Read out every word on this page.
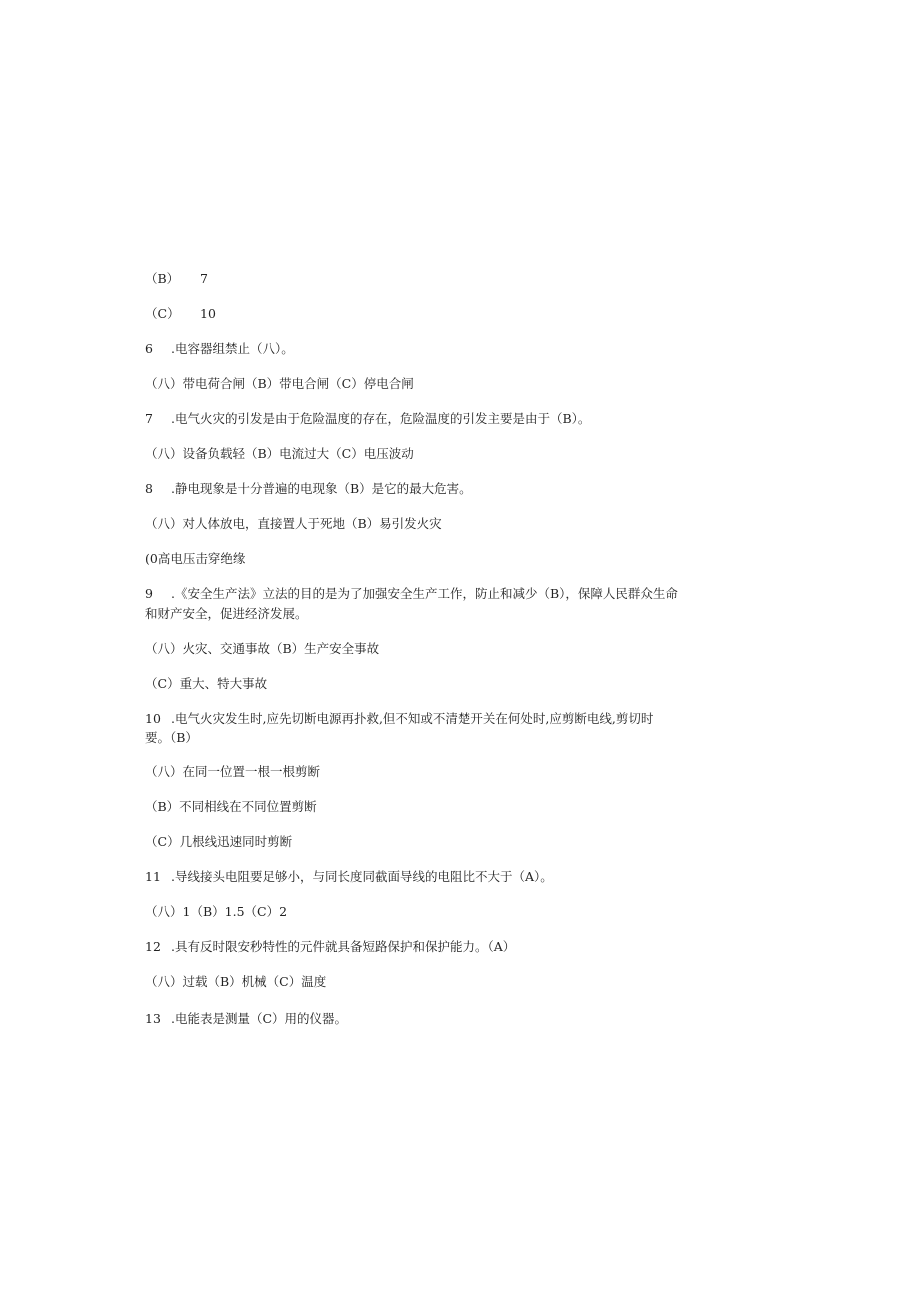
（B） 7
（C） 10
6 .电容器组禁止（八）。
（八）带电荷合闸（B）带电合闸（C）停电合闸
7 .电气火灾的引发是由于危险温度的存在，危险温度的引发主要是由于（B）。
（八）设备负载轻（B）电流过大（C）电压波动
8 .静电现象是十分普遍的电现象（B）是它的最大危害。
（八）对人体放电，直接置人于死地（B）易引发火灾
(0高电压击穿绝缘
9 .《安全生产法》立法的目的是为了加强安全生产工作，防止和减少（B），保障人民群众生命
和财产安全，促进经济发展。
（八）火灾、交通事故（B）生产安全事故
（C）重大、特大事故
10 .电气火灾发生时,应先切断电源再扑救,但不知或不清楚开关在何处时,应剪断电线,剪切时
要。（B）
（八）在同一位置一根一根剪断
（B）不同相线在不同位置剪断
（C）几根线迅速同时剪断
11 .导线接头电阻要足够小，与同长度同截面导线的电阻比不大于（A）。
（八）1（B）1.5（C）2
12 .具有反时限安秒特性的元件就具备短路保护和保护能力。（A）
（八）过载（B）机械（C）温度
13 .电能表是测量（C）用的仪器。
